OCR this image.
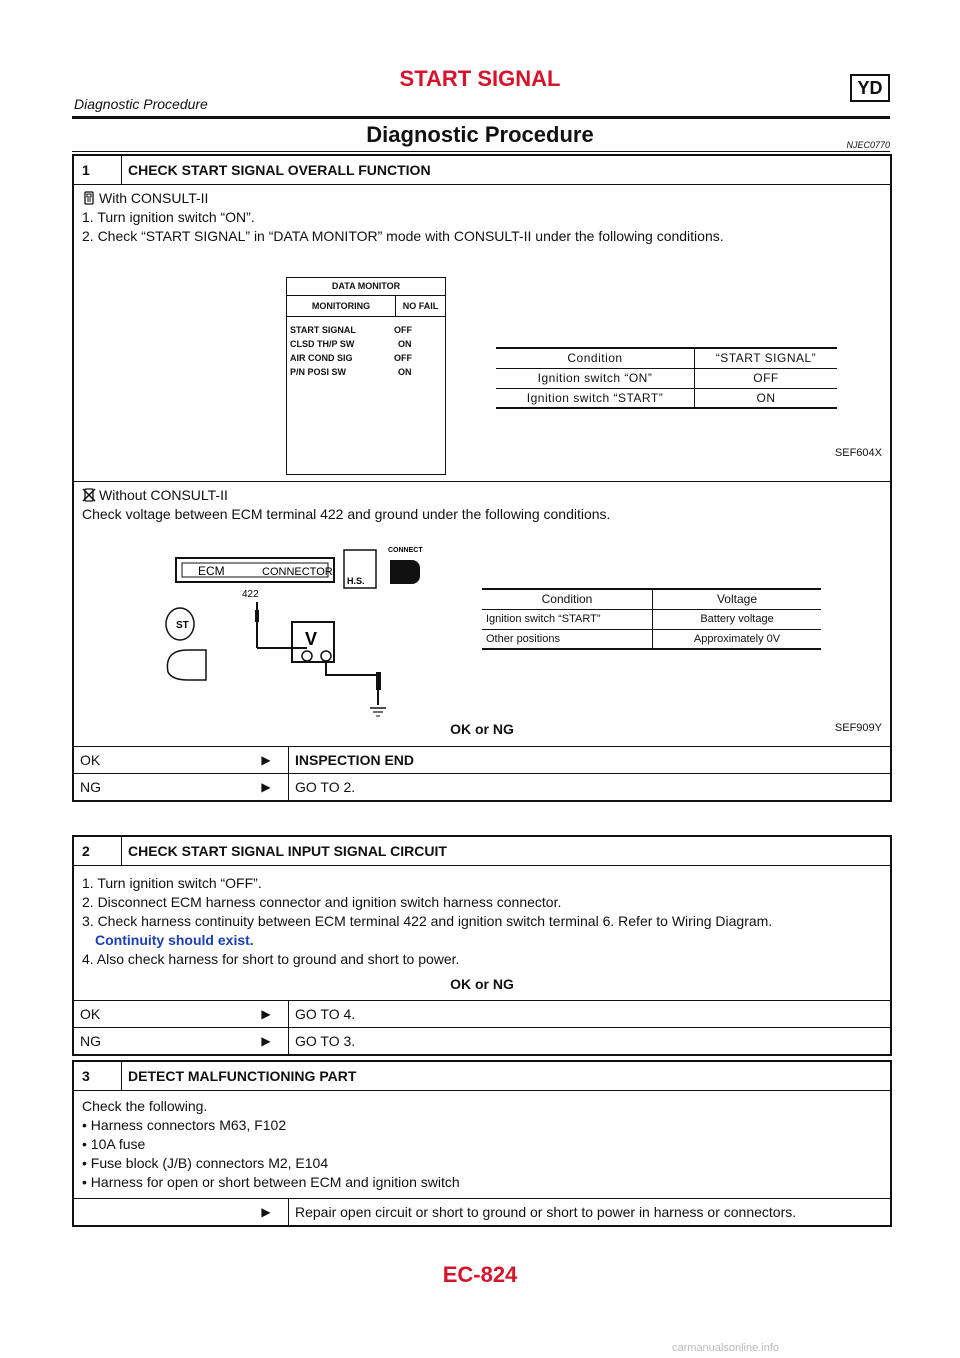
START SIGNAL	YD
Diagnostic Procedure
Diagnostic Procedure	NJEC0770
1	CHECK START SIGNAL OVERALL FUNCTION
With CONSULT-II
1. Turn ignition switch “ON”.
2. Check “START SIGNAL” in “DATA MONITOR” mode with CONSULT-II under the following conditions.
DATA MONITOR
MONITORING	NO FAIL
START SIGNAL	OFF
CLSD TH/P SW	ON
AIR COND SIG	OFF
P/N POSI SW	ON
Condition	“START SIGNAL”
Ignition switch “ON”	OFF
Ignition switch “START”	ON
SEF604X
Without CONSULT-II
Check voltage between ECM terminal 422 and ground under the following conditions.
ECM	CONNECTOR
422
H.S.
CONNECT
V
ST
Condition	Voltage
Ignition switch “START”	Battery voltage
Other positions	Approximately 0V
SEF909Y
OK or NG
OK	▶	INSPECTION END
NG	▶	GO TO 2.
2	CHECK START SIGNAL INPUT SIGNAL CIRCUIT
1. Turn ignition switch “OFF”.
2. Disconnect ECM harness connector and ignition switch harness connector.
3. Check harness continuity between ECM terminal 422 and ignition switch terminal 6. Refer to Wiring Diagram.
Continuity should exist.
4. Also check harness for short to ground and short to power.
OK or NG
OK	▶	GO TO 4.
NG	▶	GO TO 3.
3	DETECT MALFUNCTIONING PART
Check the following.
• Harness connectors M63, F102
• 10A fuse
• Fuse block (J/B) connectors M2, E104
• Harness for open or short between ECM and ignition switch
▶	Repair open circuit or short to ground or short to power in harness or connectors.
EC-824
carmanualsonline.info
